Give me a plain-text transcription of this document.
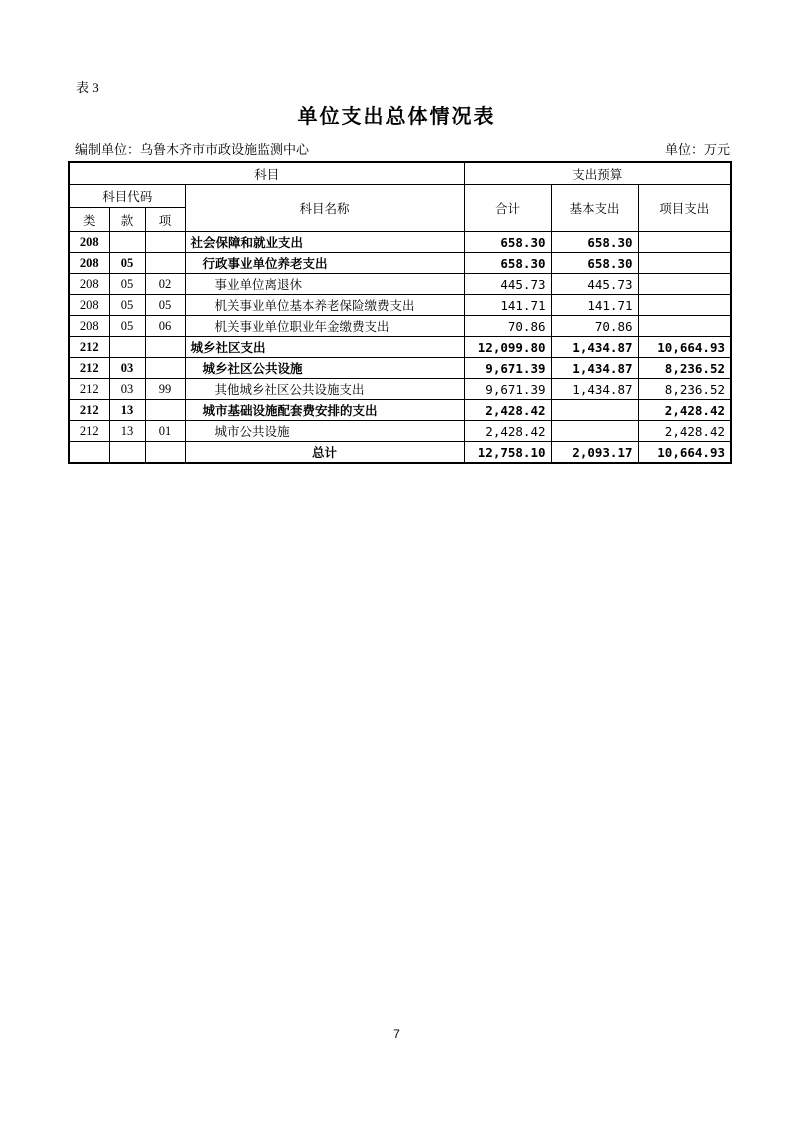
表 3
单位支出总体情况表
编制单位：乌鲁木齐市市政设施监测中心	单位：万元
科目				支出预算		
科目代码			科目名称	合计	基本支出	项目支出
类	款	项				
208			社会保障和就业支出	658.30	658.30	
208	05		行政事业单位养老支出	658.30	658.30	
208	05	02	事业单位离退休	445.73	445.73	
208	05	05	机关事业单位基本养老保险缴费支出	141.71	141.71	
208	05	06	机关事业单位职业年金缴费支出	70.86	70.86	
212			城乡社区支出	12,099.80	1,434.87	10,664.93
212	03		城乡社区公共设施	9,671.39	1,434.87	8,236.52
212	03	99	其他城乡社区公共设施支出	9,671.39	1,434.87	8,236.52
212	13		城市基础设施配套费安排的支出	2,428.42		2,428.42
212	13	01	城市公共设施	2,428.42		2,428.42
			总计	12,758.10	2,093.17	10,664.93
7
